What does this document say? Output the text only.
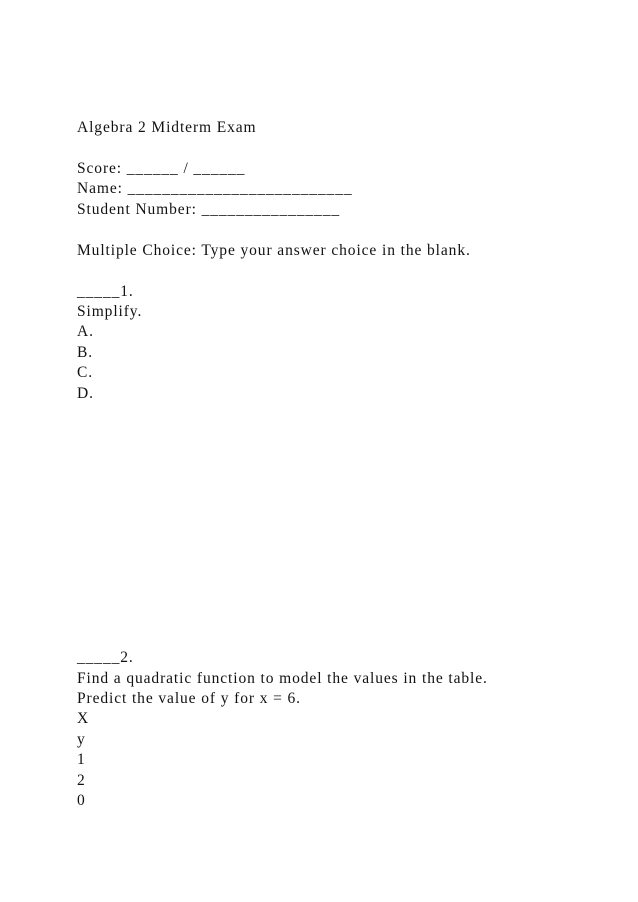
Algebra 2 Midterm Exam
Score: ______ / ______
Name: __________________________
Student Number: ________________
Multiple Choice: Type your answer choice in the blank.
_____1.
Simplify.
A.
B.
C.
D.
_____2.
Find a quadratic function to model the values in the table.
Predict the value of y for x = 6.
X
y
1
2
0
